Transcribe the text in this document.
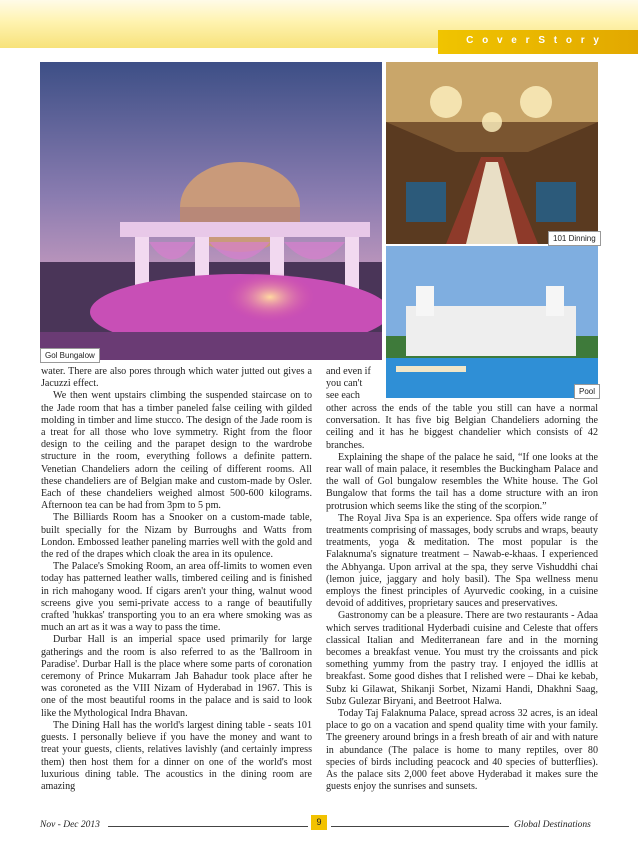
C o v e r S t o r y
Gol Bungalow
101 Dinning
Pool

water. There are also pores through which water jutted out gives a Jacuzzi effect.

We then went upstairs climbing the suspended staircase on to the Jade room that has a timber paneled false ceiling with gilded molding in timber and lime stucco. The design of the Jade room is a treat for all those who love symmetry. Right from the floor design to the ceiling and the parapet design to the wardrobe structure in the room, everything follows a definite pattern. Venetian Chandeliers adorn the ceiling of different rooms. All these chandeliers are of Belgian make and custom-made by Osler. Each of these chandeliers weighed almost 500-600 kilograms. Afternoon tea can be had from 3pm to 5 pm.

The Billiards Room has a Snooker on a custom-made table, built specially for the Nizam by Burroughs and Watts from London. Embossed leather paneling marries well with the gold and the red of the drapes which cloak the area in its opulence.

The Palace's Smoking Room, an area off-limits to women even today has patterned leather walls, timbered ceiling and is finished in rich mahogany wood. If cigars aren't your thing, walnut wood screens give you semi-private access to a range of beautifully crafted 'hukkas' transporting you to an era where smoking was as much an art as it was a way to pass the time.

Durbar Hall is an imperial space used primarily for large gatherings and the room is also referred to as the 'Ballroom in Paradise'. Durbar Hall is the place where some parts of coronation ceremony of Prince Mukarram Jah Bahadur took place after he was coroneted as the VIII Nizam of Hyderabad in 1967. This is one of the most beautiful rooms in the palace and is said to look like the Mythological Indra Bhavan.

The Dining Hall has the world's largest dining table - seats 101 guests. I personally believe if you have the money and want to treat your guests, clients, relatives lavishly (and certainly impress them) then host them for a dinner on one of the world's most luxurious dining table. The acoustics in the dining room are amazing

and even if

you can't

see each

other across the ends of the table you still can have a normal conversation. It has five big Belgian Chandeliers adorning the ceiling and it has he biggest chandelier which consists of 42 branches.

Explaining the shape of the palace he said, “If one looks at the rear wall of main palace, it resembles the Buckingham Palace and the wall of Gol bungalow resembles the White house. The Gol Bungalow that forms the tail has a dome structure with an iron protrusion which seems like the sting of the scorpion.”

The Royal Jiva Spa is an experience. Spa offers wide range of treatments comprising of massages, body scrubs and wraps, beauty treatments, yoga & meditation. The most popular is the Falaknuma's signature treatment – Nawab-e-khaas. I experienced the Abhyanga. Upon arrival at the spa, they serve Vishuddhi chai (lemon juice, jaggary and holy basil). The Spa wellness menu employs the finest principles of Ayurvedic cooking, in a cuisine devoid of additives, proprietary sauces and preservatives.

Gastronomy can be a pleasure. There are two restaurants - Adaa which serves traditional Hyderbadi cuisine and Celeste that offers classical Italian and Mediterranean fare and in the morning becomes a breakfast venue. You must try the croissants and pick something yummy from the pastry tray. I enjoyed the idllis at breakfast. Some good dishes that I relished were – Dhai ke kebab, Subz ki Gilawat, Shikanji Sorbet, Nizami Handi, Dhakhni Saag, Subz Gulezar Biryani, and Beetroot Halwa.

Today Taj Falaknuma Palace, spread across 32 acres, is an ideal place to go on a vacation and spend quality time with your family. The greenery around brings in a fresh breath of air and with nature in abundance (The palace is home to many reptiles, over 80 species of birds including peacock and 40 species of butterflies). As the palace sits 2,000 feet above Hyderabad it makes sure the guests enjoy the sunrises and sunsets.

Nov - Dec 2013	9	Global Destinations
